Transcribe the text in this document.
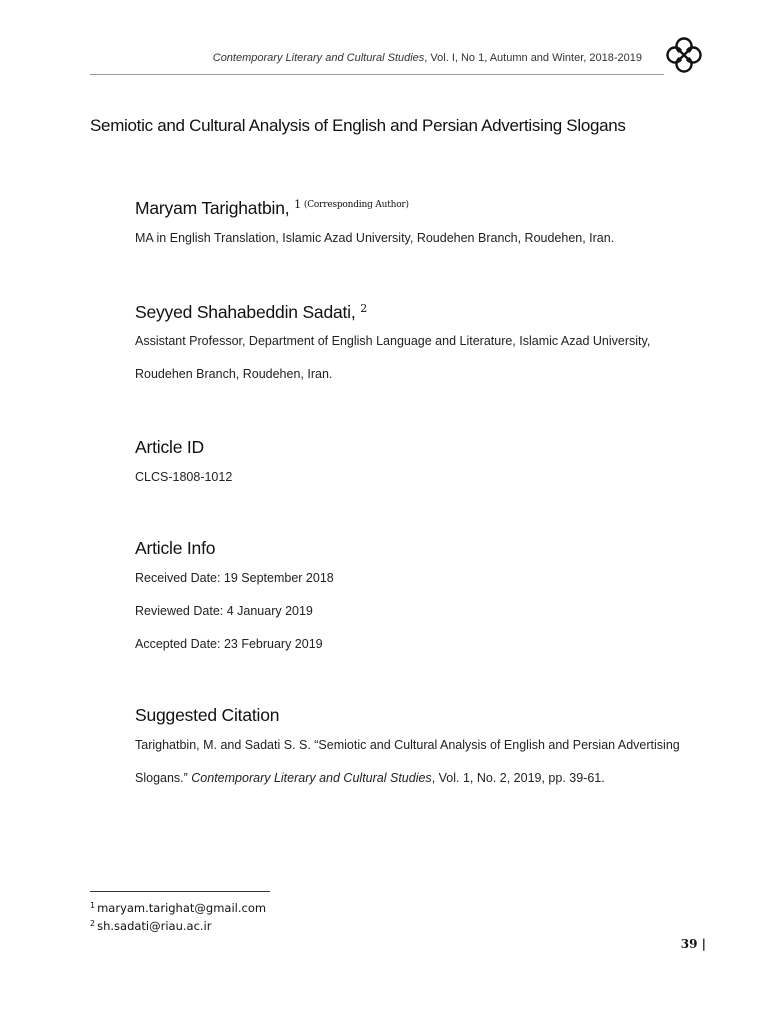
Contemporary Literary and Cultural Studies, Vol. I, No 1, Autumn and Winter, 2018-2019
Semiotic and Cultural Analysis of English and Persian Advertising Slogans
Maryam Tarighatbin, $^1$ $^{(Corresponding Author)}$

MA in English Translation, Islamic Azad University, Roudehen Branch, Roudehen, Iran.

Seyyed Shahabeddin Sadati, $^2$

Assistant Professor, Department of English Language and Literature, Islamic Azad University,

Roudehen Branch, Roudehen, Iran.

Article ID

CLCS-1808-1012

Article Info

Received Date: 19 September 2018

Reviewed Date: 4 January 2019

Accepted Date: 23 February 2019

Suggested Citation

Tarighatbin, M. and Sadati S. S. “Semiotic and Cultural Analysis of English and Persian Advertising

Slogans.” Contemporary Literary and Cultural Studies, Vol. 1, No. 2, 2019, pp. 39-61.

$^1$ maryam.tarighat@gmail.com
$^2$ sh.sadati@riau.ac.ir
39 |
